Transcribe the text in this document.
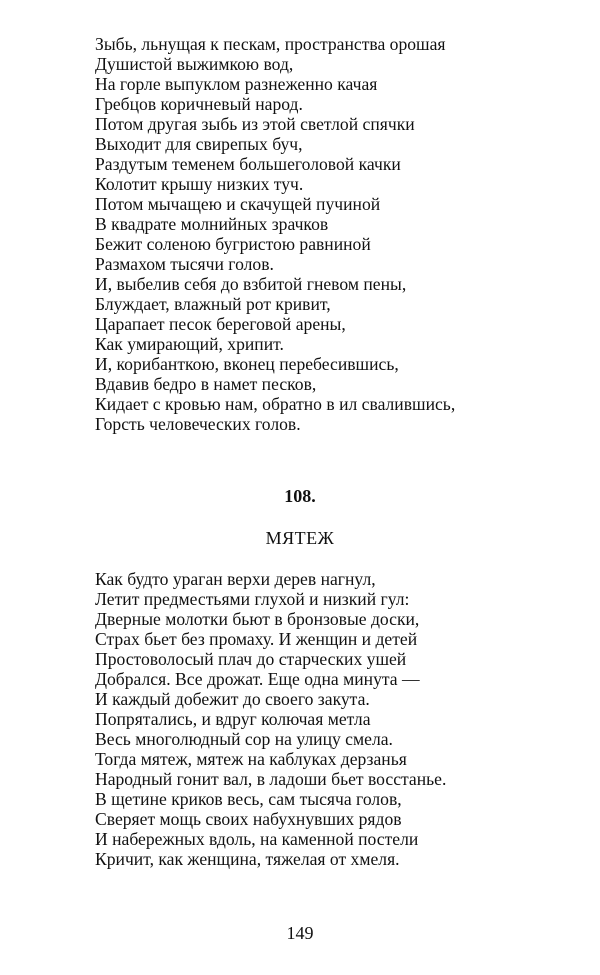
Зыбь, льнущая к пескам, пространства орошая
Душистой выжимкою вод,
На горле выпуклом разнеженно качая
Гребцов коричневый народ.
Потом другая зыбь из этой светлой спячки
Выходит для свирепых буч,
Раздутым теменем большеголовой качки
Колотит крышу низких туч.
Потом мычащею и скачущей пучиной
В квадрате молнийных зрачков
Бежит соленою бугристою равниной
Размахом тысячи голов.
И, выбелив себя до взбитой гневом пены,
Блуждает, влажный рот кривит,
Царапает песок береговой арены,
Как умирающий, хрипит.
И, корибанткою, вконец перебесившись,
Вдавив бедро в намет песков,
Кидает с кровью нам, обратно в ил свалившись,
Горсть человеческих голов.
108.
МЯТЕЖ
Как будто ураган верхи дерев нагнул,
Летит предместьями глухой и низкий гул:
Дверные молотки бьют в бронзовые доски,
Страх бьет без промаху. И женщин и детей
Простоволосый плач до старческих ушей
Добрался. Все дрожат. Еще одна минута —
И каждый добежит до своего закута.
Попрятались, и вдруг колючая метла
Весь многолюдный сор на улицу смела.
Тогда мятеж, мятеж на каблуках дерзанья
Народный гонит вал, в ладоши бьет восстанье.
В щетине криков весь, сам тысяча голов,
Сверяет мощь своих набухнувших рядов
И набережных вдоль, на каменной постели
Кричит, как женщина, тяжелая от хмеля.
149
